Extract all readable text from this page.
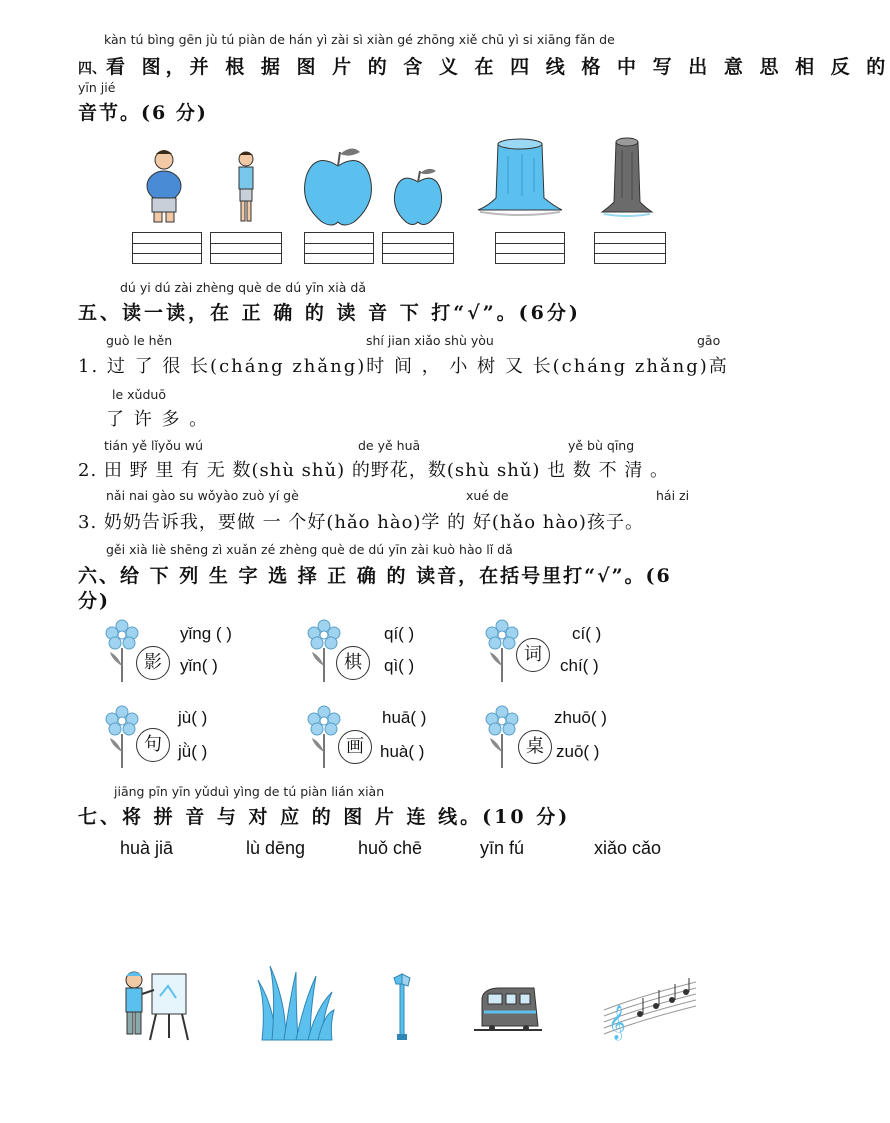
kàn tú bìng gēn jù tú piàn de hán yì zài sì xiàn gé zhōng xiě chū yì si xiāng fǎn de
四、看 图，并 根 据 图 片 的 含 义 在 四 线 格 中 写 出 意 思 相 反 的
yīn jié
音节。(6 分)
dú yi dú zài zhèng què de dú yīn xià dǎ
五、读一读，在 正 确 的 读 音 下 打“√”。(6分)
guò le hěn	shí jian xiǎo shù yòu	gāo
1. 过 了 很 长(cháng zhǎng)时 间 ， 小 树 又 长(cháng zhǎng)高
le xǔduō
了 许 多 。
tián yě lǐyǒu wú	de yě huā	yě bù qīng
2. 田 野 里 有 无 数(shù shǔ) 的野花，数(shù shǔ) 也 数 不 清 。
nǎi nai gào su wǒyào zuò yí gè	xué de	hái zi
3. 奶奶告诉我，要做 一 个好(hǎo hào)学 的 好(hǎo hào)孩子。
gěi xià liè shēng zì xuǎn zé zhèng què de dú yīn zài kuò hào lǐ dǎ
六、给 下 列 生 字 选 择 正 确 的 读音，在括号里打“√”。(6
分)
影
yǐng ( )
yǐn( )	棋
qí( )
qì( )
词
cí( )
chí( )
句
jù( )
jǜ( )	画
huā( )
huà( )	桌
zhuō( )
zuō( )
jiāng pīn yīn yǔduì yìng de tú piàn lián xiàn
七、将 拼 音 与 对 应 的 图 片 连 线。(10 分)
huà jiā	lù dēng	huǒ chē	yīn fú	xiǎo cǎo
𝄞
